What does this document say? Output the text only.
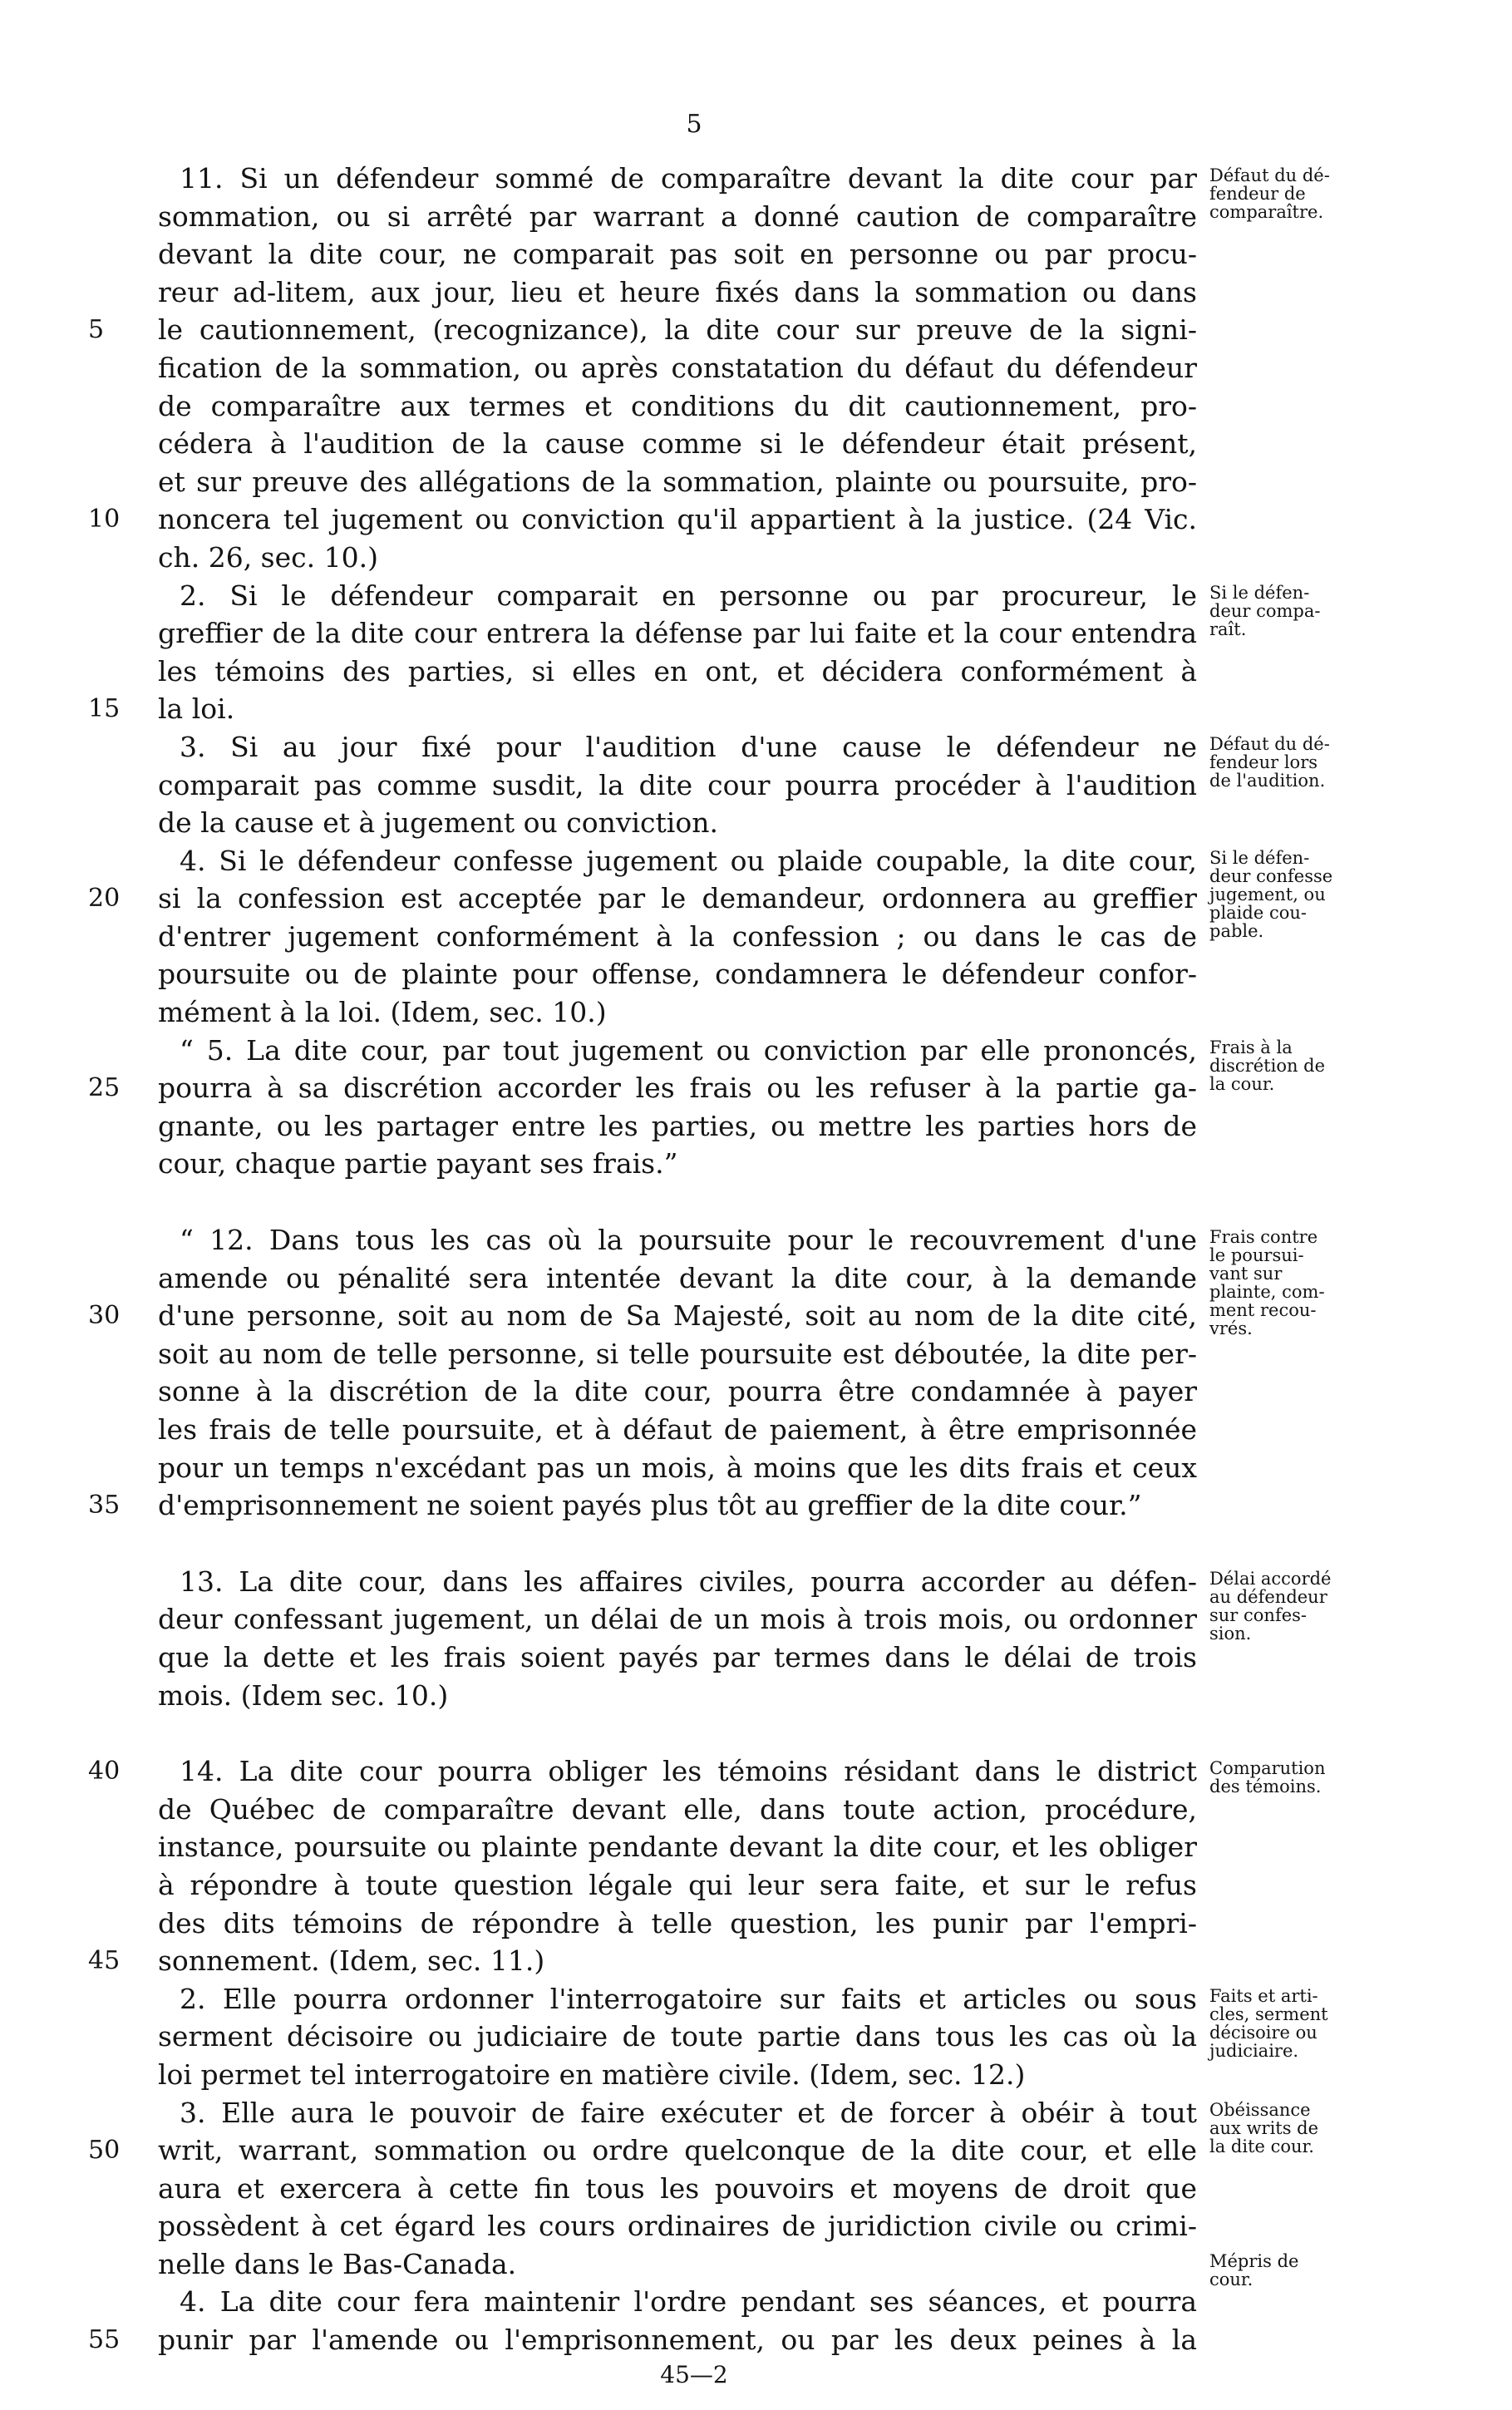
5
11. Si un défendeur sommé de comparaître devant la dite cour par Défaut du dé-
fendeur de
comparaître.
sommation, ou si arrêté par warrant a donné caution de comparaître
devant la dite cour, ne comparait pas soit en personne ou par procu-
reur ad-litem, aux jour, lieu et heure fixés dans la sommation ou dans
5	le cautionnement, (recognizance), la dite cour sur preuve de la signi-
fication de la sommation, ou après constatation du défaut du défendeur
de comparaître aux termes et conditions du dit cautionnement, pro-
cédera à l'audition de la cause comme si le défendeur était présent,
et sur preuve des allégations de la sommation, plainte ou poursuite, pro-
10	noncera tel jugement ou conviction qu'il appartient à la justice. (24 Vic.
ch. 26, sec. 10.)
2. Si le défendeur comparait en personne ou par procureur, le Si le défen-
deur compa-
raît.
greffier de la dite cour entrera la défense par lui faite et la cour entendra
les témoins des parties, si elles en ont, et décidera conformément à
15	la loi.
3. Si au jour fixé pour l'audition d'une cause le défendeur ne Défaut du dé-
fendeur lors
de l'audition.
comparait pas comme susdit, la dite cour pourra procéder à l'audition
de la cause et à jugement ou conviction.
4. Si le défendeur confesse jugement ou plaide coupable, la dite cour, Si le défen-
deur confesse
jugement, ou
plaide cou-
pable.
20	si la confession est acceptée par le demandeur, ordonnera au greffier
d'entrer jugement conformément à la confession ; ou dans le cas de
poursuite ou de plainte pour offense, condamnera le défendeur confor-
mément à la loi. (Idem, sec. 10.)
“ 5. La dite cour, par tout jugement ou conviction par elle prononcés, Frais à la
discrétion de
la cour.
25	pourra à sa discrétion accorder les frais ou les refuser à la partie ga-
gnante, ou les partager entre les parties, ou mettre les parties hors de
cour, chaque partie payant ses frais.”
“ 12. Dans tous les cas où la poursuite pour le recouvrement d'une Frais contre
le poursui-
vant sur
plainte, com-
ment recou-
vrés.
amende ou pénalité sera intentée devant la dite cour, à la demande
30	d'une personne, soit au nom de Sa Majesté, soit au nom de la dite cité,
soit au nom de telle personne, si telle poursuite est déboutée, la dite per-
sonne à la discrétion de la dite cour, pourra être condamnée à payer
les frais de telle poursuite, et à défaut de paiement, à être emprisonnée
pour un temps n'excédant pas un mois, à moins que les dits frais et ceux
35	d'emprisonnement ne soient payés plus tôt au greffier de la dite cour.”
13. La dite cour, dans les affaires civiles, pourra accorder au défen- Délai accordé
au défendeur
sur confes-
sion.
deur confessant jugement, un délai de un mois à trois mois, ou ordonner
que la dette et les frais soient payés par termes dans le délai de trois
mois. (Idem sec. 10.)
40	14. La dite cour pourra obliger les témoins résidant dans le district Comparution
des témoins.
de Québec de comparaître devant elle, dans toute action, procédure,
instance, poursuite ou plainte pendante devant la dite cour, et les obliger
à répondre à toute question légale qui leur sera faite, et sur le refus
des dits témoins de répondre à telle question, les punir par l'empri-
45	sonnement. (Idem, sec. 11.)
2. Elle pourra ordonner l'interrogatoire sur faits et articles ou sous Faits et arti-
cles, serment
décisoire ou
judiciaire.
serment décisoire ou judiciaire de toute partie dans tous les cas où la
loi permet tel interrogatoire en matière civile. (Idem, sec. 12.)
3. Elle aura le pouvoir de faire exécuter et de forcer à obéir à tout Obéissance
aux writs de
la dite cour.
50	writ, warrant, sommation ou ordre quelconque de la dite cour, et elle
aura et exercera à cette fin tous les pouvoirs et moyens de droit que
possèdent à cet égard les cours ordinaires de juridiction civile ou crimi-
nelle dans le Bas-Canada.	Mépris de
cour.
4. La dite cour fera maintenir l'ordre pendant ses séances, et pourra
55	punir par l'amende ou l'emprisonnement, ou par les deux peines à la
45—2
